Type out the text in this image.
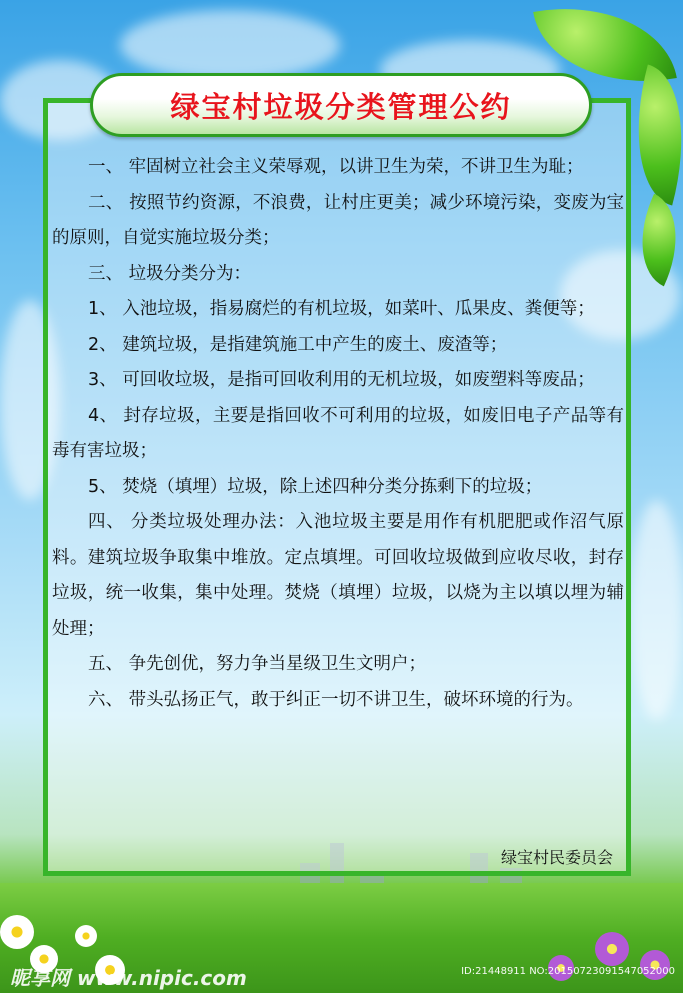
绿宝村垃圾分类管理公约

一、 牢固树立社会主义荣辱观，以讲卫生为荣，不讲卫生为耻；

二、 按照节约资源，不浪费，让村庄更美；减少环境污染，变废为宝的原则，自觉实施垃圾分类；

三、 垃圾分类分为：

1、 入池垃圾，指易腐烂的有机垃圾，如菜叶、瓜果皮、粪便等；

2、 建筑垃圾，是指建筑施工中产生的废土、废渣等；

3、 可回收垃圾，是指可回收利用的无机垃圾，如废塑料等废品；

4、 封存垃圾，主要是指回收不可利用的垃圾，如废旧电子产品等有毒有害垃圾；

5、 焚烧（填埋）垃圾，除上述四种分类分拣剩下的垃圾；

四、 分类垃圾处理办法：入池垃圾主要是用作有机肥肥或作沼气原料。建筑垃圾争取集中堆放。定点填埋。可回收垃圾做到应收尽收，封存垃圾，统一收集，集中处理。焚烧（填埋）垃圾，以烧为主以填以埋为辅处理；

五、 争先创优，努力争当星级卫生文明户；

六、 带头弘扬正气，敢于纠正一切不讲卫生，破坏环境的行为。

绿宝村民委员会
昵享网 www.nipic.com	ID:21448911 NO:20150723091547052000
